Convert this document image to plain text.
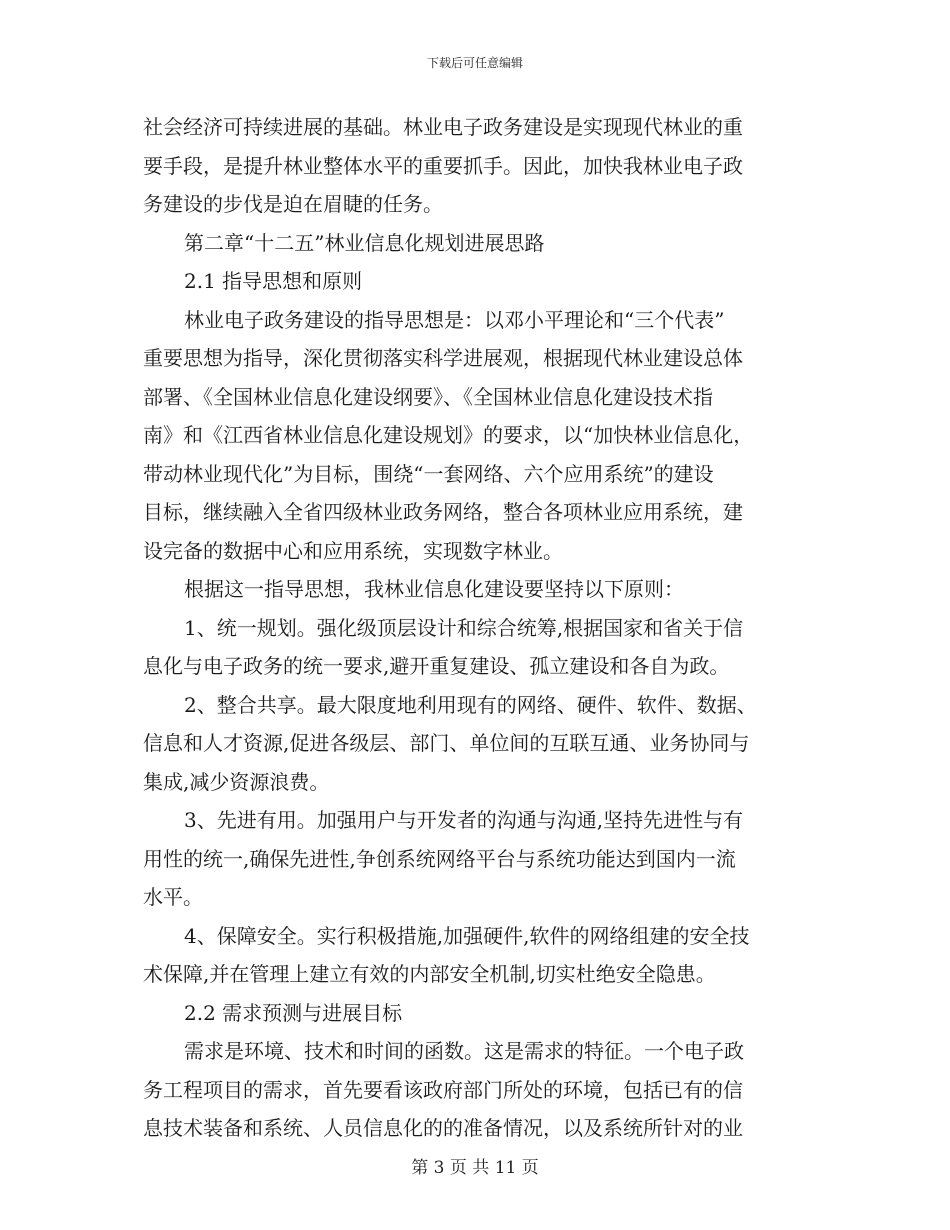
下载后可任意编辑
社会经济可持续进展的基础。林业电子政务建设是实现现代林业的重
要手段，是提升林业整体水平的重要抓手。因此，加快我林业电子政
务建设的步伐是迫在眉睫的任务。
第二章“十二五”林业信息化规划进展思路
2.1 指导思想和原则
林业电子政务建设的指导思想是：以邓小平理论和“三个代表”
重要思想为指导，深化贯彻落实科学进展观，根据现代林业建设总体
部署、《全国林业信息化建设纲要》、《全国林业信息化建设技术指
南》和《江西省林业信息化建设规划》的要求，以“加快林业信息化，
带动林业现代化”为目标，围绕“一套网络、六个应用系统”的建设
目标，继续融入全省四级林业政务网络，整合各项林业应用系统，建
设完备的数据中心和应用系统，实现数字林业。
根据这一指导思想，我林业信息化建设要坚持以下原则：
1、统一规划。强化级顶层设计和综合统筹,根据国家和省关于信
息化与电子政务的统一要求,避开重复建设、孤立建设和各自为政。
2、整合共享。最大限度地利用现有的网络、硬件、软件、数据、
信息和人才资源,促进各级层、部门、单位间的互联互通、业务协同与
集成,减少资源浪费。
3、先进有用。加强用户与开发者的沟通与沟通,坚持先进性与有
用性的统一,确保先进性,争创系统网络平台与系统功能达到国内一流
水平。
4、保障安全。实行积极措施,加强硬件,软件的网络组建的安全技
术保障,并在管理上建立有效的内部安全机制,切实杜绝安全隐患。
2.2 需求预测与进展目标
需求是环境、技术和时间的函数。这是需求的特征。一个电子政
务工程项目的需求，首先要看该政府部门所处的环境，包括已有的信
息技术装备和系统、人员信息化的的准备情况，以及系统所针对的业
第 3 页 共 11 页
